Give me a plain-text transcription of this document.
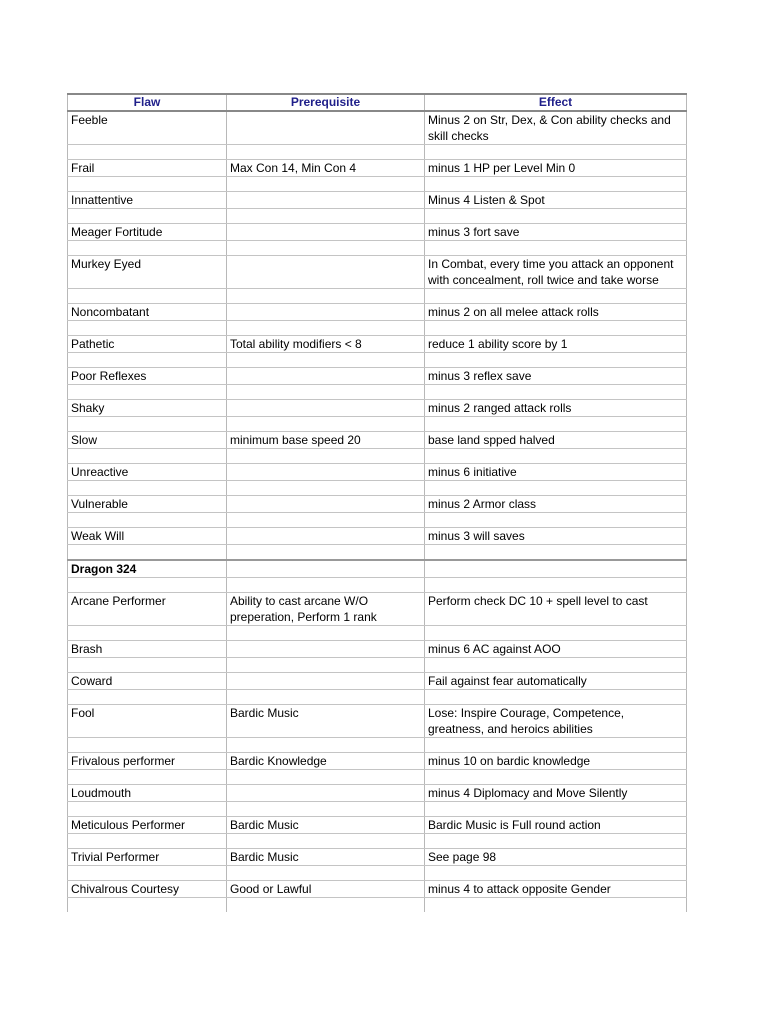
Flaw	Prerequisite	Effect
Feeble		Minus 2 on Str, Dex, & Con ability checks and skill checks

Frail	Max Con 14, Min Con 4	minus 1 HP per Level Min 0

Innattentive		Minus 4 Listen & Spot

Meager Fortitude		minus 3 fort save

Murkey Eyed		In Combat, every time you attack an opponent with concealment, roll twice and take worse

Noncombatant		minus 2 on all melee attack rolls

Pathetic	Total ability modifiers < 8	reduce 1 ability score by 1

Poor Reflexes		minus 3 reflex save

Shaky		minus 2 ranged attack rolls

Slow	minimum base speed 20	base land spped halved

Unreactive		minus 6 initiative

Vulnerable		minus 2 Armor class

Weak Will		minus 3 will saves

Dragon 324		

Arcane Performer	Ability to cast arcane W/O preperation, Perform 1 rank	Perform check DC 10 + spell level to cast

Brash		minus 6 AC against AOO

Coward		Fail against fear automatically

Fool	Bardic Music	Lose: Inspire Courage, Competence, greatness, and heroics abilities

Frivalous performer	Bardic Knowledge	minus 10 on bardic knowledge

Loudmouth		minus 4 Diplomacy and Move Silently

Meticulous Performer	Bardic Music	Bardic Music is Full round action

Trivial Performer	Bardic Music	See page 98

Chivalrous Courtesy	Good or Lawful	minus 4 to attack opposite Gender
